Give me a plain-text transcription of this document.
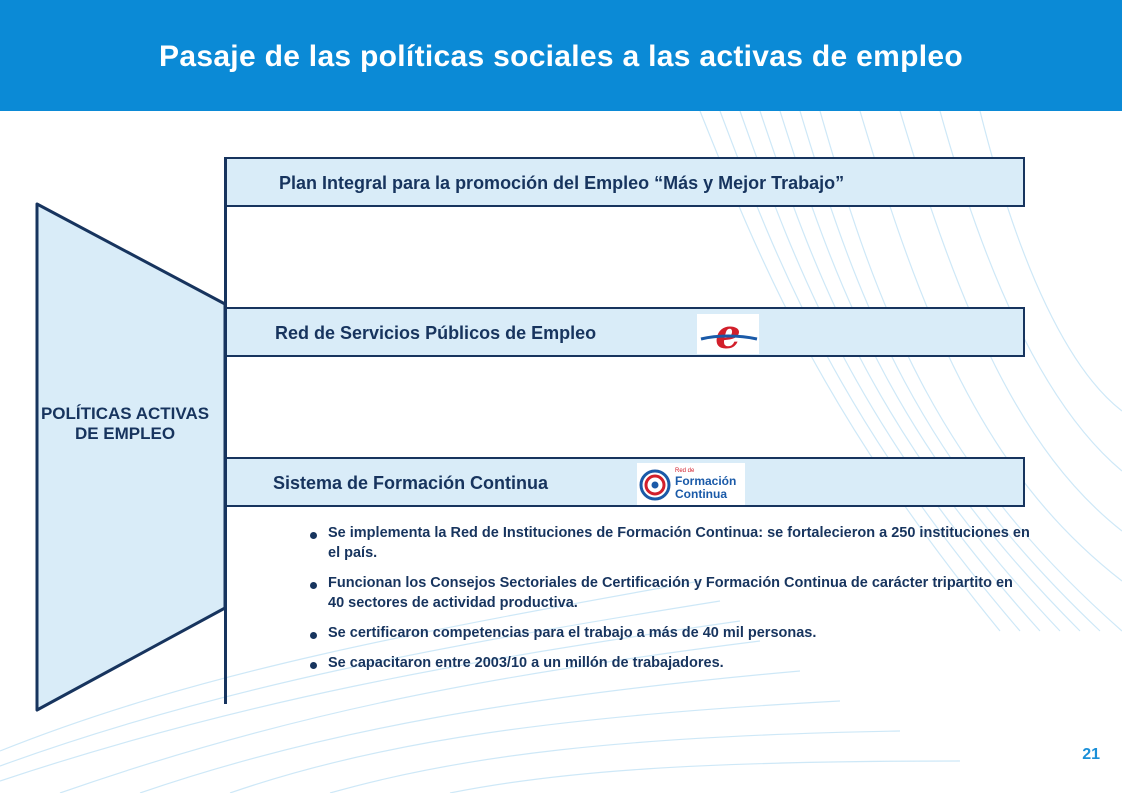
Pasaje de las políticas sociales a las activas de empleo
POLÍTICAS ACTIVAS DE EMPLEO
Plan Integral para la promoción del Empleo “Más y Mejor Trabajo”
Red de Servicios Públicos de Empleo	e
Sistema de Formación Continua
Red de
Formación
Continua
Se implementa la Red de Instituciones de Formación Continua: se fortalecieron a 250 instituciones en el país.
Funcionan los Consejos Sectoriales de Certificación y Formación Continua de carácter tripartito en 40 sectores de actividad productiva.
Se certificaron competencias para el trabajo a más de 40 mil personas.
Se capacitaron entre 2003/10 a un millón de trabajadores.
21
